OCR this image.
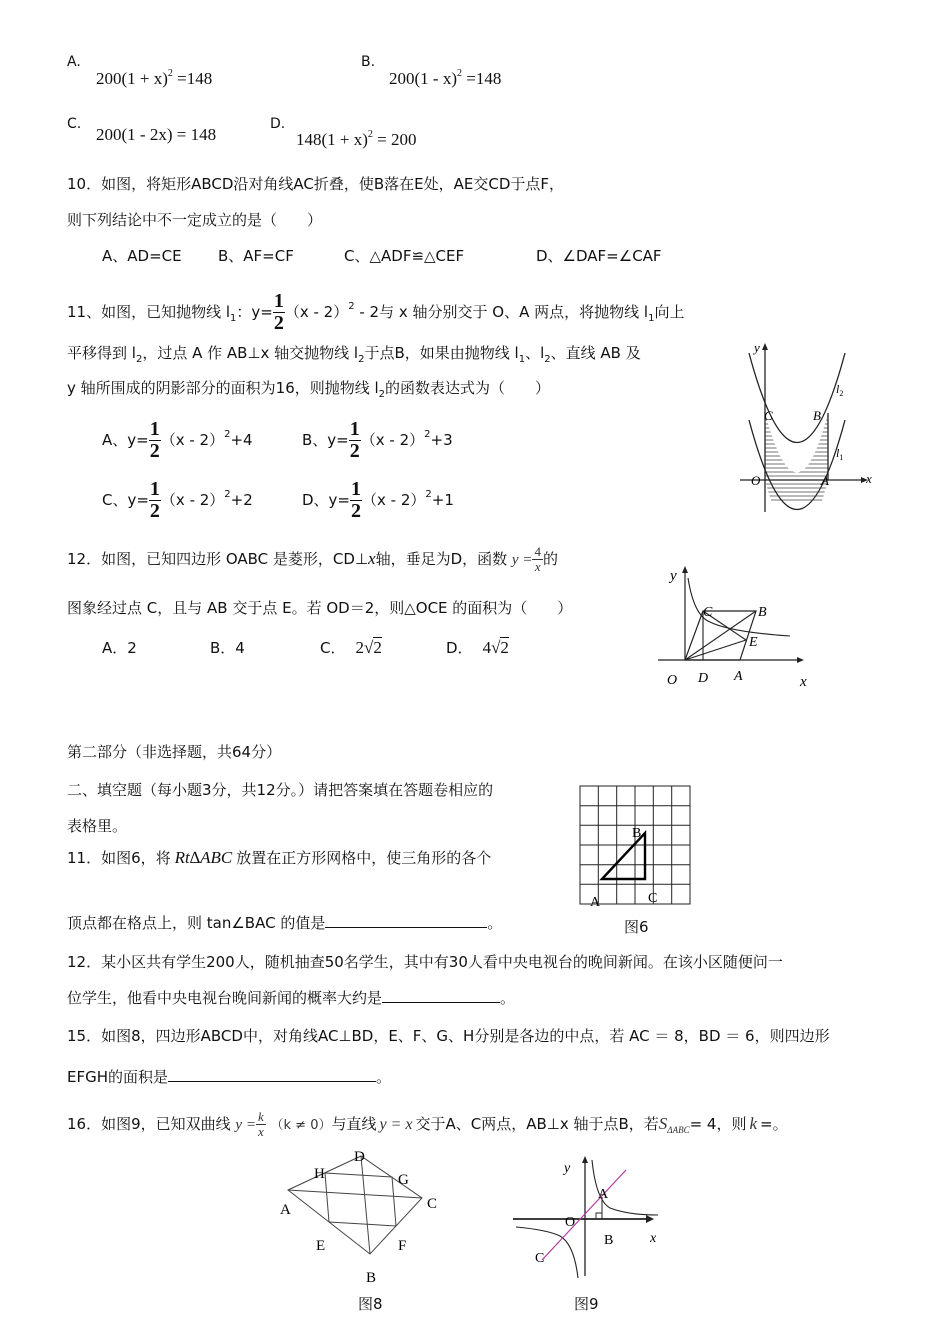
A.
$200(1 + x)^2 =148$
B.
200(1 - x)$^2$ =148
C.
200(1 - 2x) = 148
D.
$148(1 + x)^2 = 200$
10．如图，将矩形ABCD沿对角线AC折叠，使B落在E处，AE交CD于点F，
则下列结论中不一定成立的是（　　）
A、AD=CE B、AF=CF	C、△ADF≌△CEF	D、∠DAF=∠CAF
11、如图，已知抛物线 $l_1$：$y= \frac{1}{2} (x - 2)^2 - 2$与 x 轴分别交于 O、A 两点，将抛物线 $l_1$向上
平移得到 $l_2$，过点 A 作 AB⊥x 轴交抛物线 $l_2$于点B，如果由抛物线 $l_1$、$l_2$、直线 AB 及
y 轴所围成的阴影部分的面积为16，则抛物线 $l_2$的函数表达式为（　　）
A、$y= \frac{1}{2} (x - 2)^2+4$	B、$y= \frac{1}{2} (x - 2)^2+3$
C、$y= \frac{1}{2} (x - 2)^2+2$	D、$y= \frac{1}{2} (x - 2)^2+1$
y
x
C	B
O	A
$l_2$
$l_1$
12．如图，已知四边形 OABC 是菱形，CD⊥x轴，垂足为D，函数 $y = \frac{4}{x}$ 的
图象经过点 C，且与 AB 交于点 E。若 OD＝2，则△OCE 的面积为（　　）
A．2	B．4	C． 2√2	D． 4√2
y
x
C	B
E
O D A
第二部分（非选择题，共64分）
二、填空题（每小题3分，共12分。）请把答案填在答题卷相应的
表格里。
11．如图6，将 Rt∆ABC 放置在正方形网格中，使三角形的各个
顶点都在格点上，则 tan∠BAC 的值是	。
A
B
C
图6
12．某小区共有学生200人，随机抽查50名学生，其中有30人看中央电视台的晚间新闻。在该小区随便问一
位学生，他看中央电视台晚间新闻的概率大约是	。
15．如图8，四边形ABCD中，对角线AC⊥BD，E、F、G、H分别是各边的中点，若 AC ＝ 8，BD ＝ 6，则四边形
EFGH的面积是	。
16．如图9，已知双曲线 $y = \frac{k}{x} (k \ne 0)$与直线 y = x 交于A、C两点，AB⊥x 轴于点B，若$S_{\Delta ABC}= 4$，则 k =。
A
D
C
B
H	G
E	F
图8
y
x
A
O
B
C
图9
